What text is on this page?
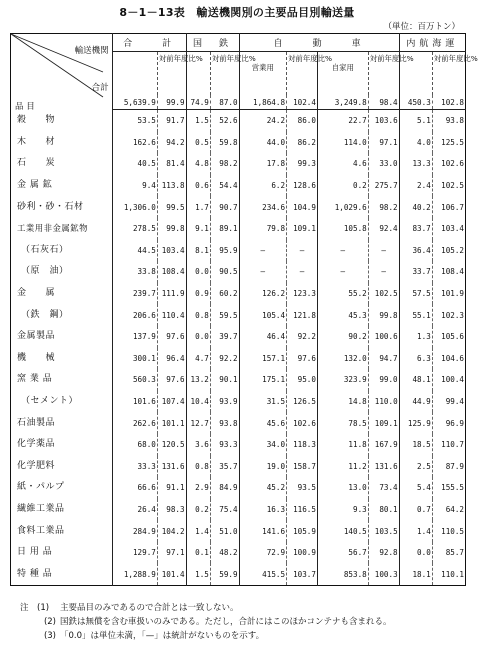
8－1－13表　輸送機関別の主要品目別輸送量
（単位：百万トン）
輸送機関
合計
品 目	合　　計		国　鉄		自　　動　　車				内航海運	
		対前年度比%		対前年度比%	営業用	対前年度比%	自家用	対前年度比%		対前年度比%
	5,639.9	99.9	74.9	87.0	1,864.8	102.4	3,249.8	98.4	450.3	102.8
穀　　物	53.5	91.7	1.5	52.6	24.2	86.0	22.7	103.6	5.1	93.8
木　　材	162.6	94.2	0.5	59.8	44.0	86.2	114.0	97.1	4.0	125.5
石　　炭	40.5	81.4	4.8	98.2	17.8	99.3	4.6	33.0	13.3	102.6
金 属 鉱	9.4	113.8	0.6	54.4	6.2	128.6	0.2	275.7	2.4	102.5
砂利・砂・石材	1,306.0	99.5	1.7	90.7	234.6	104.9	1,029.6	98.2	40.2	106.7
工業用非金属鉱物	278.5	99.8	9.1	89.1	79.8	109.1	105.8	92.4	83.7	103.4
（石灰石）	44.5	103.4	8.1	95.9	—	—	—	—	36.4	105.2
（原　油）	33.8	108.4	0.0	90.5	—	—	—	—	33.7	108.4
金　　属	239.7	111.9	0.9	60.2	126.2	123.3	55.2	102.5	57.5	101.9
（鉄　鋼）	206.6	110.4	0.8	59.5	105.4	121.8	45.3	99.8	55.1	102.3
金属製品	137.9	97.6	0.0	39.7	46.4	92.2	90.2	100.6	1.3	105.6
機　　械	300.1	96.4	4.7	92.2	157.1	97.6	132.0	94.7	6.3	104.6
窯 業 品	560.3	97.6	13.2	90.1	175.1	95.0	323.9	99.0	48.1	100.4
（セメント）	101.6	107.4	10.4	93.9	31.5	126.5	14.8	110.0	44.9	99.4
石油製品	262.6	101.1	12.7	93.8	45.6	102.6	78.5	109.1	125.9	96.9
化学薬品	68.0	120.5	3.6	93.3	34.0	118.3	11.8	167.9	18.5	110.7
化学肥料	33.3	131.6	0.8	35.7	19.0	158.7	11.2	131.6	2.5	87.9
紙・パルプ	66.6	91.1	2.9	84.9	45.2	93.5	13.0	73.4	5.4	155.5
繊維工業品	26.4	98.3	0.2	75.4	16.3	116.5	9.3	80.1	0.7	64.2
食料工業品	284.9	104.2	1.4	51.0	141.6	105.9	140.5	103.5	1.4	110.5
日 用 品	129.7	97.1	0.1	48.2	72.9	100.9	56.7	92.8	0.0	85.7
特 種 品	1,288.9	101.4	1.5	59.9	415.5	103.7	853.8	100.3	18.1	110.1
注　(1)	主要品目のみであるので合計とは一致しない。
(2) 国鉄は無償を含む車扱いのみである。ただし，合計にはこのほかコンテナも含まれる。
(3) 「0.0」は単位未満，「—」は統計がないものを示す。
